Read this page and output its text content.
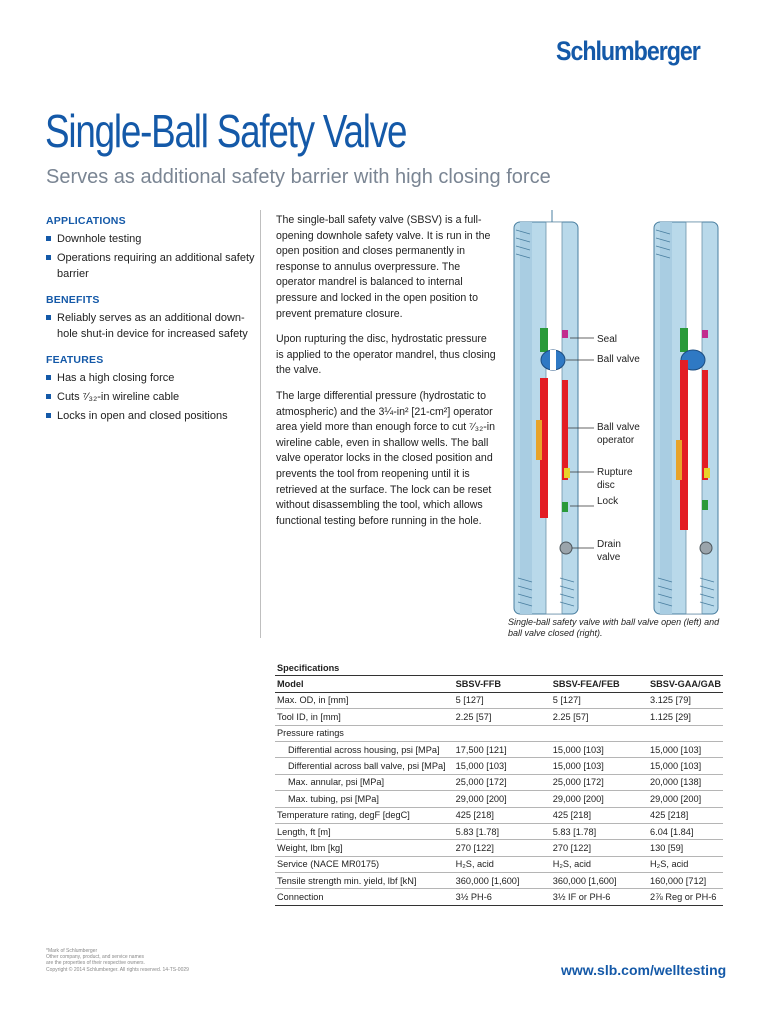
Schlumberger
Single-Ball Safety Valve
Serves as additional safety barrier with high closing force
APPLICATIONS
Downhole testing
Operations requiring an additional safety barrier
BENEFITS
Reliably serves as an additional down-hole shut-in device for increased safety
FEATURES
Has a high closing force
Cuts ⁷⁄₃₂-in wireline cable
Locks in open and closed positions

The single-ball safety valve (SBSV) is a full-opening downhole safety valve. It is run in the open position and closes permanently in response to annulus overpressure. The operator mandrel is balanced to internal pressure and locked in the open position to prevent premature closure.

Upon rupturing the disc, hydrostatic pressure is applied to the operator mandrel, thus closing the valve.

The large differential pressure (hydrostatic to atmospheric) and the 3¼-in² [21-cm²] operator area yield more than enough force to cut ⁷⁄₃₂-in wireline cable, even in shallow wells. The ball valve operator locks in the closed position and prevents the tool from reopening until it is retrieved at the surface. The lock can be reset without disassembling the tool, which allows functional testing before running in the hole.

Seal
Ball valve
Ball valve
operator
Rupture
disc
Lock
Drain
valve
Single-ball safety valve with ball valve open (left) and ball valve closed (right).
Specifications			
Model	SBSV-FFB	SBSV-FEA/FEB	SBSV-GAA/GAB
Max. OD, in [mm]	5 [127]	5 [127]	3.125 [79]
Tool ID, in [mm]	2.25 [57]	2.25 [57]	1.125 [29]
Pressure ratings			
Differential across housing, psi [MPa]	17,500 [121]	15,000 [103]	15,000 [103]
Differential across ball valve, psi [MPa]	15,000 [103]	15,000 [103]	15,000 [103]
Max. annular, psi [MPa]	25,000 [172]	25,000 [172]	20,000 [138]
Max. tubing, psi [MPa]	29,000 [200]	29,000 [200]	29,000 [200]
Temperature rating, degF [degC]	425 [218]	425 [218]	425 [218]
Length, ft [m]	5.83 [1.78]	5.83 [1.78]	6.04 [1.84]
Weight, lbm [kg]	270 [122]	270 [122]	130 [59]
Service (NACE MR0175)	H₂S, acid	H₂S, acid	H₂S, acid
Tensile strength min. yield, lbf [kN]	360,000 [1,600]	360,000 [1,600]	160,000 [712]
Connection	3½ PH-6	3½ IF or PH-6	2⅞ Reg or PH-6
*Mark of Schlumberger
Other company, product, and service names
are the properties of their respective owners.
Copyright © 2014 Schlumberger. All rights reserved. 14-TS-0029	www.slb.com/welltesting
